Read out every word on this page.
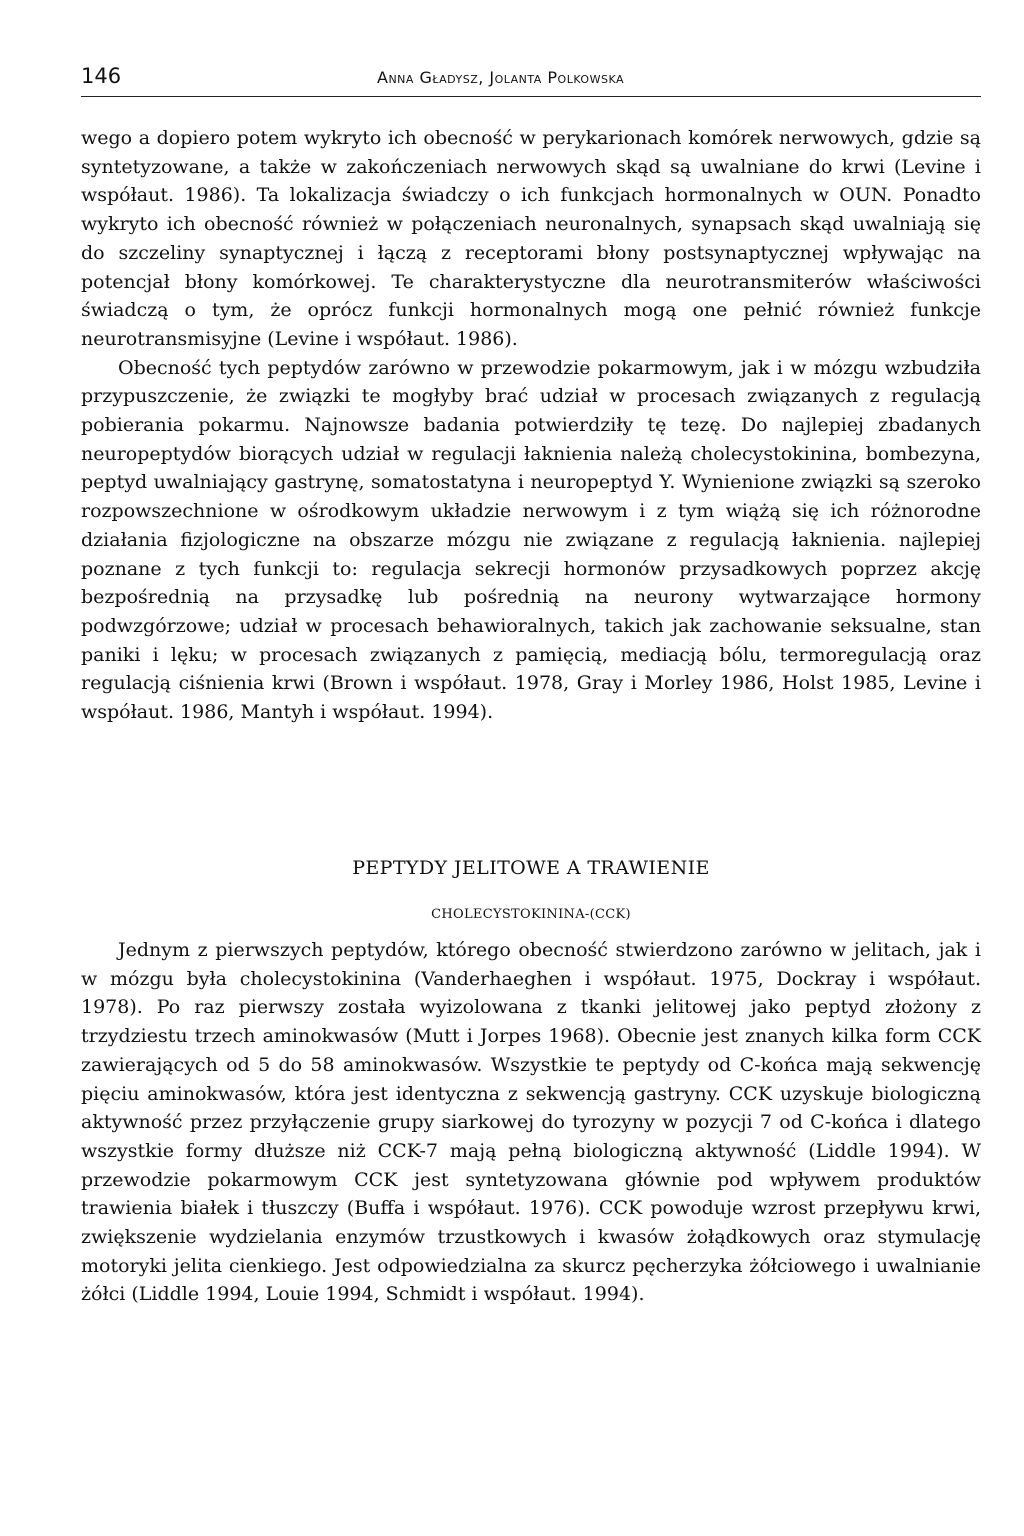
146	Anna Gładysz, Jolanta Polkowska

wego a dopiero potem wykryto ich obecność w perykarionach komórek nerwowych, gdzie są syntetyzowane, a także w zakończeniach nerwowych skąd są uwalniane do krwi (Levine i współaut. 1986). Ta lokalizacja świadczy o ich funkcjach hormonalnych w OUN. Ponadto wykryto ich obecność również w połączeniach neuronalnych, synapsach skąd uwalniają się do szczeliny synaptycznej i łączą z receptorami błony postsynaptycznej wpływając na potencjał błony komórkowej. Te charakterystyczne dla neurotransmiterów właściwości świadczą o tym, że oprócz funkcji hormonalnych mogą one pełnić również funkcje neurotransmisyjne (Levine i współaut. 1986).

Obecność tych peptydów zarówno w przewodzie pokarmowym, jak i w mózgu wzbudziła przypuszczenie, że związki te mogłyby brać udział w procesach związanych z regulacją pobierania pokarmu. Najnowsze badania potwierdziły tę tezę. Do najlepiej zbadanych neuropeptydów biorących udział w regulacji łaknienia należą cholecystokinina, bombezyna, peptyd uwalniający gastrynę, somatostatyna i neuropeptyd Y. Wynienione związki są szeroko rozpowszechnione w ośrodkowym układzie nerwowym i z tym wiążą się ich różnorodne działania fizjologiczne na obszarze mózgu nie związane z regulacją łaknienia. najlepiej poznane z tych funkcji to: regulacja sekrecji hormonów przysadkowych poprzez akcję bezpośrednią na przysadkę lub pośrednią na neurony wytwarzające hormony podwzgórzowe; udział w procesach behawioralnych, takich jak zachowanie seksualne, stan paniki i lęku; w procesach związanych z pamięcią, mediacją bólu, termoregulacją oraz regulacją ciśnienia krwi (Brown i współaut. 1978, Gray i Morley 1986, Holst 1985, Levine i współaut. 1986, Mantyh i współaut. 1994).

PEPTYDY JELITOWE A TRAWIENIE
CHOLECYSTOKININA-(CCK)

Jednym z pierwszych peptydów, którego obecność stwierdzono zarówno w jelitach, jak i w mózgu była cholecystokinina (Vanderhaeghen i współaut. 1975, Dockray i współaut. 1978). Po raz pierwszy została wyizolowana z tkanki jelitowej jako peptyd złożony z trzydziestu trzech aminokwasów (Mutt i Jorpes 1968). Obecnie jest znanych kilka form CCK zawierających od 5 do 58 aminokwasów. Wszystkie te peptydy od C-końca mają sekwencję pięciu aminokwasów, która jest identyczna z sekwencją gastryny. CCK uzyskuje biologiczną aktywność przez przyłączenie grupy siarkowej do tyrozyny w pozycji 7 od C-końca i dlatego wszystkie formy dłuższe niż CCK-7 mają pełną biologiczną aktywność (Liddle 1994). W przewodzie pokarmowym CCK jest syntetyzowana głównie pod wpływem produktów trawienia białek i tłuszczy (Buffa i współaut. 1976). CCK powoduje wzrost przepływu krwi, zwiększenie wydzielania enzymów trzustkowych i kwasów żołądkowych oraz stymulację motoryki jelita cienkiego. Jest odpowiedzialna za skurcz pęcherzyka żółciowego i uwalnianie żółci (Liddle 1994, Louie 1994, Schmidt i współaut. 1994).
